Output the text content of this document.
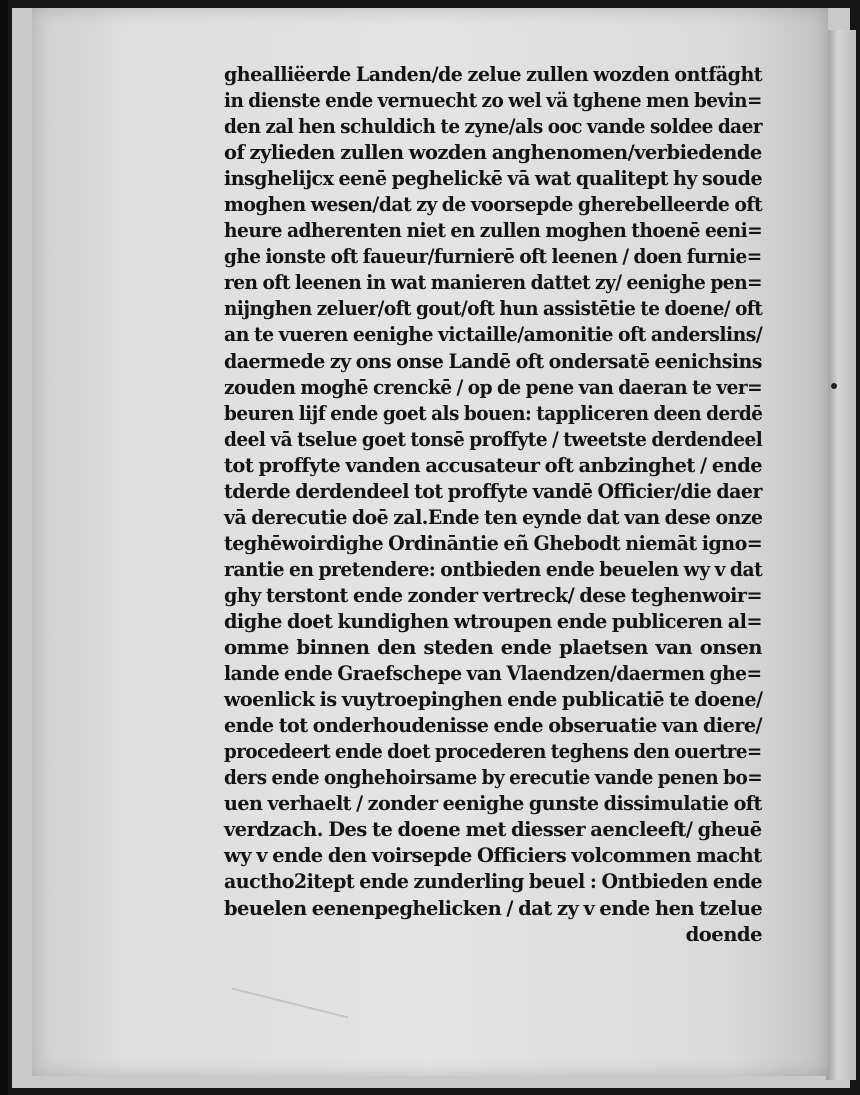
ghealliëerde Landen/de zelue zullen wozden ontfäght
in dienste ende vernuecht zo wel vä tghene men bevin=
den zal hen schuldich te zyne/als ooc vande soldee daer
of zylieden zullen wozden anghenomen/verbiedende
insghelijcx eenē peghelickē vā wat qualitept hy soude
moghen wesen/dat zy de voorsepde gherebelleerde oft
heure adherenten niet en zullen moghen thoenē eeni=
ghe ionste oft faueur/furnierē oft leenen / doen furnie=
ren oft leenen in wat manieren dattet zy/ eenighe pen=
nijnghen zeluer/oft gout/oft hun assistētie te doene/ oft
an te vueren eenighe victaille/amonitie oft anderslins/
daermede zy ons onse Landē oft ondersatē eenichsins
zouden moghē crenckē / op de pene van daeran te ver=
beuren lijf ende goet als bouen: tappliceren deen derdē
deel vā tselue goet tonsē proffyte / tweetste derdendeel
tot proffyte vanden accusateur oft anbzinghet / ende
tderde derdendeel tot proffyte vandē Officier/die daer
vā derecutie doē zal.Ende ten eynde dat van dese onze
teghēwoirdighe Ordināntie eñ Ghebodt niemāt igno=
rantie en pretendere: ontbieden ende beuelen wy v dat
ghy terstont ende zonder vertreck/ dese teghenwoir=
dighe doet kundighen wtroupen ende publiceren al=
omme binnen den steden ende plaetsen van onsen
lande ende Graefschepe van Vlaendzen/daermen ghe=
woenlick is vuytroepinghen ende publicatiē te doene/
ende tot onderhoudenisse ende obseruatie van diere/
procedeert ende doet procederen teghens den ouertre=
ders ende onghehoirsame by erecutie vande penen bo=
uen verhaelt / zonder eenighe gunste dissimulatie oft
verdzach. Des te doene met diesser aencleeft/ gheuē
wy v ende den voirsepde Officiers volcommen macht
auctho2itept ende zunderling beuel : Ontbieden ende
beuelen eenenpeghelicken / dat zy v ende hen tzelue
doende
